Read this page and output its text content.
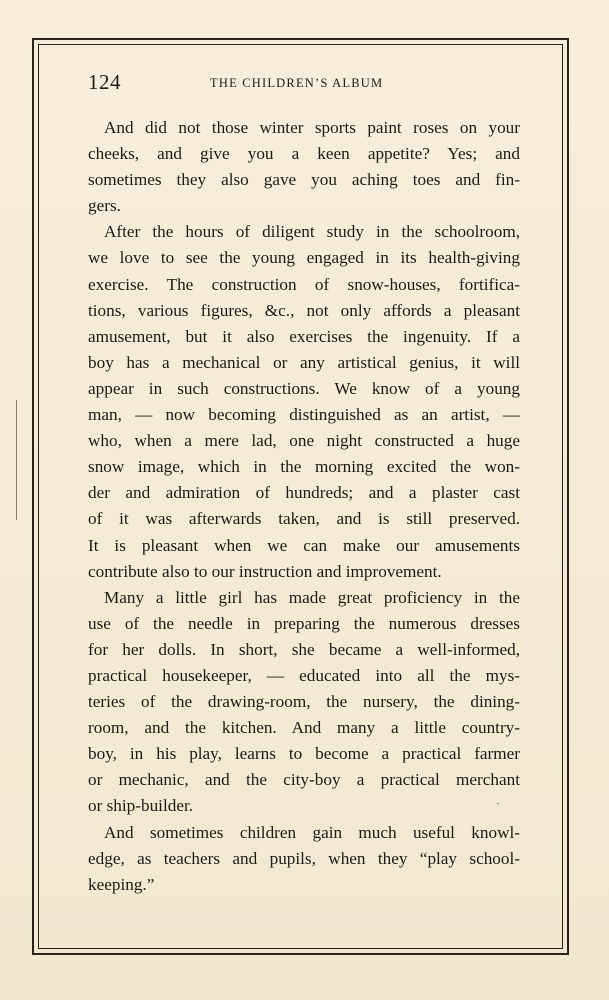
124	THE CHILDREN’S ALBUM
And did not those winter sports paint roses on your
cheeks, and give you a keen appetite? Yes; and
sometimes they also gave you aching toes and fin-
gers.
After the hours of diligent study in the schoolroom,
we love to see the young engaged in its health-giving
exercise. The construction of snow-houses, fortifica-
tions, various figures, &c., not only affords a pleasant
amusement, but it also exercises the ingenuity. If a
boy has a mechanical or any artistical genius, it will
appear in such constructions. We know of a young
man, — now becoming distinguished as an artist, —
who, when a mere lad, one night constructed a huge
snow image, which in the morning excited the won-
der and admiration of hundreds; and a plaster cast
of it was afterwards taken, and is still preserved.
It is pleasant when we can make our amusements
contribute also to our instruction and improvement.
Many a little girl has made great proficiency in the
use of the needle in preparing the numerous dresses
for her dolls. In short, she became a well-informed,
practical housekeeper, — educated into all the mys-
teries of the drawing-room, the nursery, the dining-
room, and the kitchen. And many a little country-
boy, in his play, learns to become a practical farmer
or mechanic, and the city-boy a practical merchant
or ship-builder.
And sometimes children gain much useful knowl-
edge, as teachers and pupils, when they “play school-
keeping.”
